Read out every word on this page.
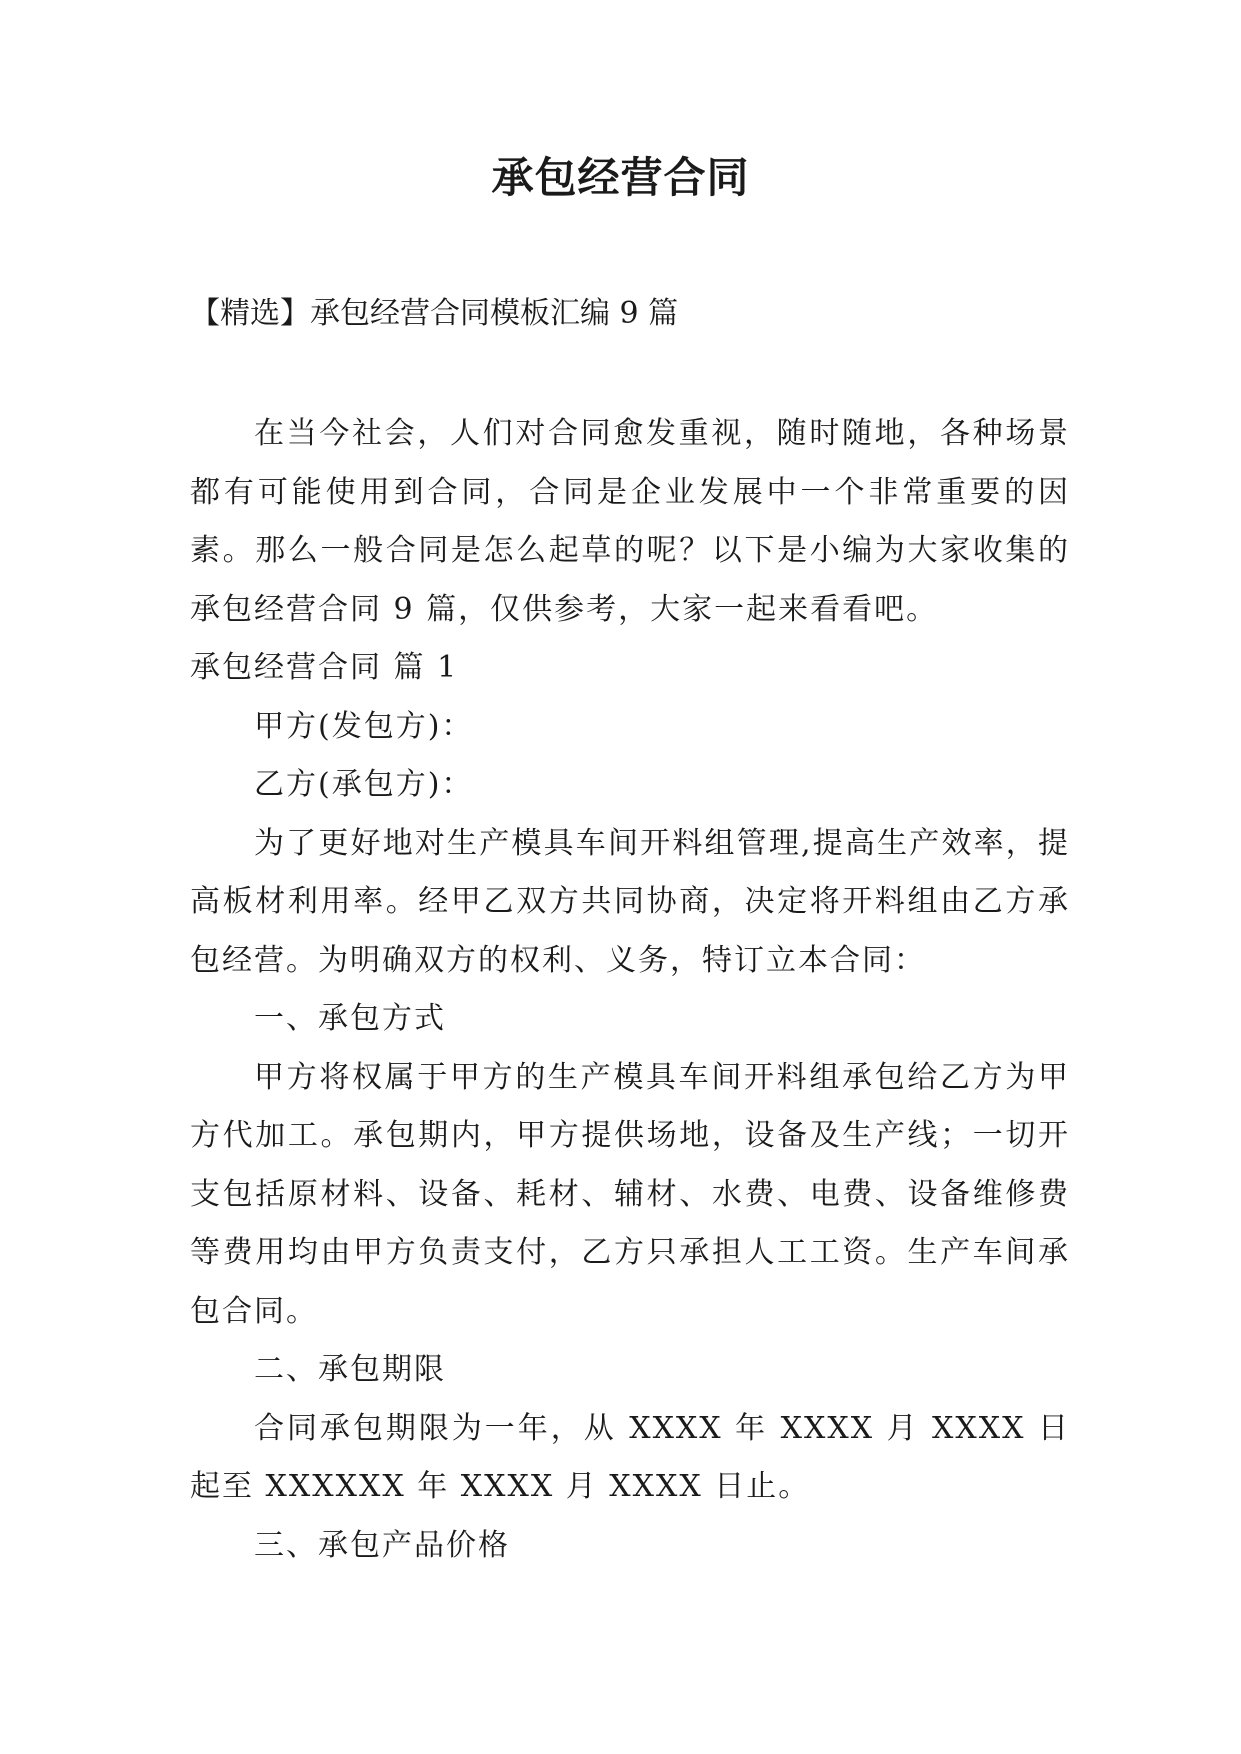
承包经营合同

【精选】承包经营合同模板汇编 9 篇

在当今社会，人们对合同愈发重视，随时随地，各种场景都有可能使用到合同，合同是企业发展中一个非常重要的因素。那么一般合同是怎么起草的呢？以下是小编为大家收集的承包经营合同 9 篇，仅供参考，大家一起来看看吧。

承包经营合同 篇 1

甲方(发包方)：

乙方(承包方)：

为了更好地对生产模具车间开料组管理,提高生产效率，提高板材利用率。经甲乙双方共同协商，决定将开料组由乙方承包经营。为明确双方的权利、义务，特订立本合同：

一、承包方式

甲方将权属于甲方的生产模具车间开料组承包给乙方为甲方代加工。承包期内，甲方提供场地，设备及生产线；一切开支包括原材料、设备、耗材、辅材、水费、电费、设备维修费等费用均由甲方负责支付，乙方只承担人工工资。生产车间承包合同。

二、承包期限

合同承包期限为一年，从 XXXX 年 XXXX 月 XXXX 日起至 XXXXXX 年 XXXX 月 XXXX 日止。

三、承包产品价格
